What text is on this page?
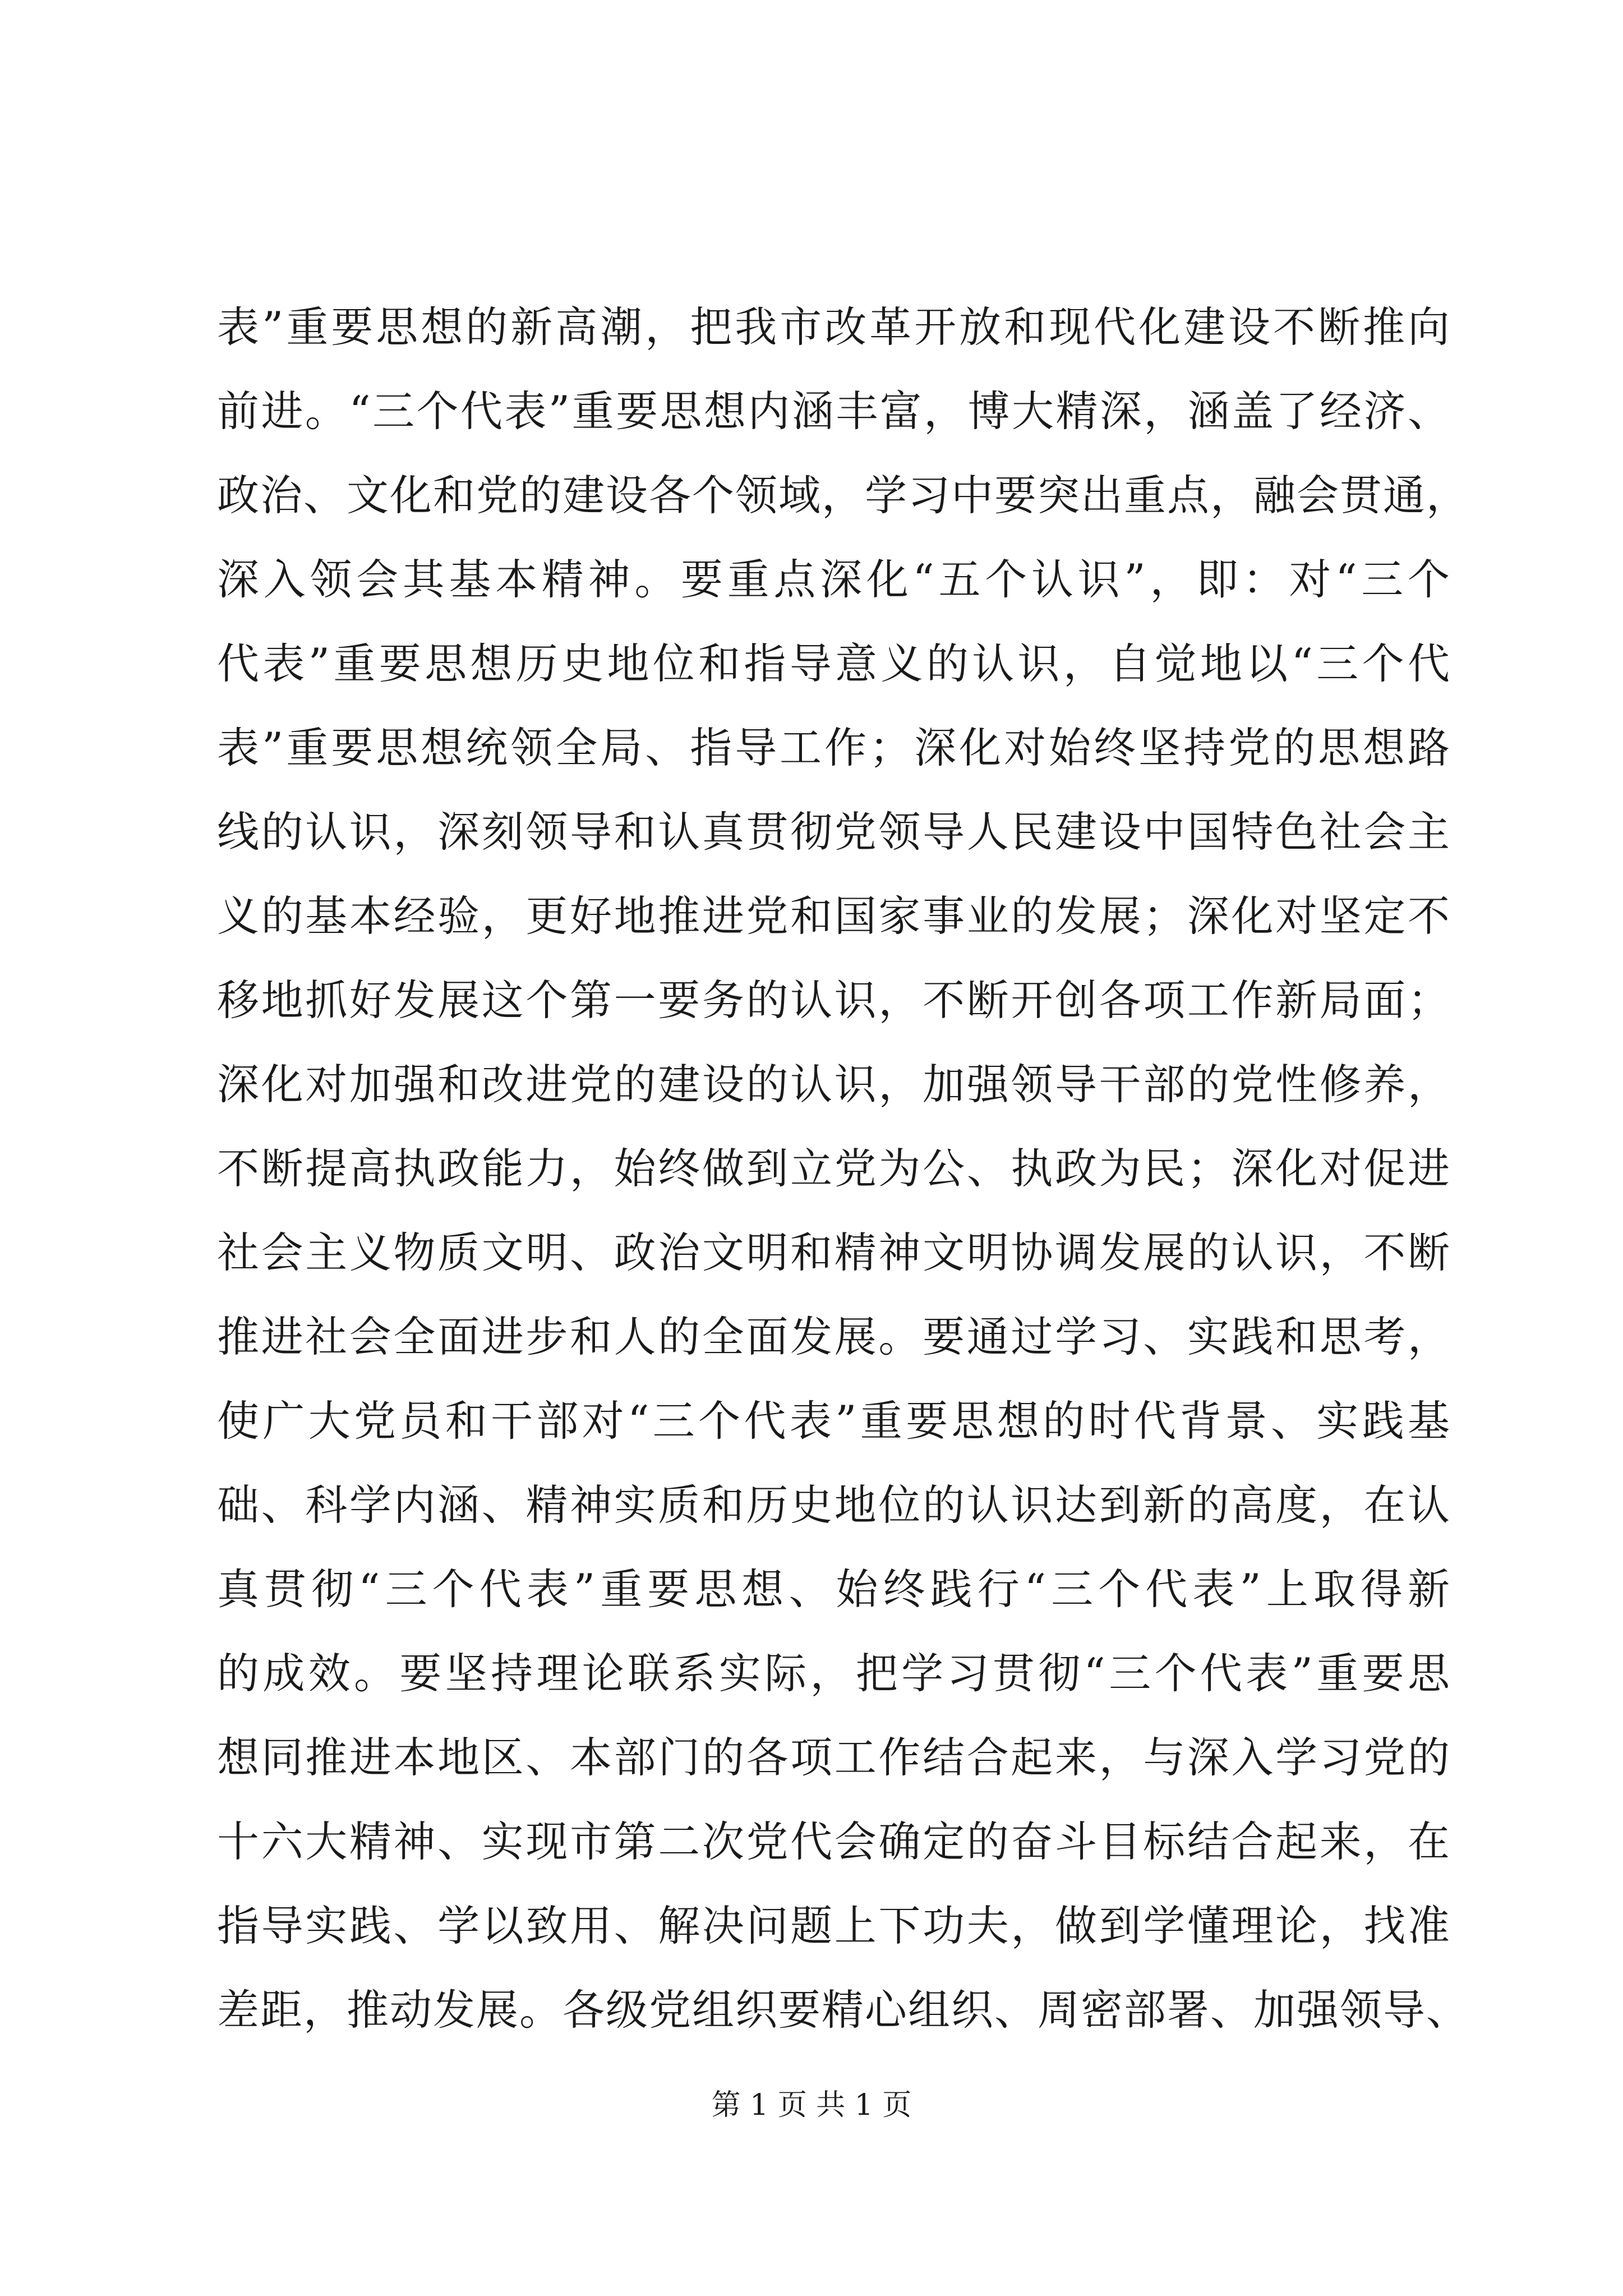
表”重要思想的新高潮，把我市改革开放和现代化建设不断推向
前进。“三个代表”重要思想内涵丰富，博大精深，涵盖了经济、
政治、文化和党的建设各个领域，学习中要突出重点，融会贯通，
深入领会其基本精神。要重点深化“五个认识”，即：对“三个
代表”重要思想历史地位和指导意义的认识，自觉地以“三个代
表”重要思想统领全局、指导工作；深化对始终坚持党的思想路
线的认识，深刻领导和认真贯彻党领导人民建设中国特色社会主
义的基本经验，更好地推进党和国家事业的发展；深化对坚定不
移地抓好发展这个第一要务的认识，不断开创各项工作新局面；
深化对加强和改进党的建设的认识，加强领导干部的党性修养，
不断提高执政能力，始终做到立党为公、执政为民；深化对促进
社会主义物质文明、政治文明和精神文明协调发展的认识，不断
推进社会全面进步和人的全面发展。要通过学习、实践和思考，
使广大党员和干部对“三个代表”重要思想的时代背景、实践基
础、科学内涵、精神实质和历史地位的认识达到新的高度，在认
真贯彻“三个代表”重要思想、始终践行“三个代表”上取得新
的成效。要坚持理论联系实际，把学习贯彻“三个代表”重要思
想同推进本地区、本部门的各项工作结合起来，与深入学习党的
十六大精神、实现市第二次党代会确定的奋斗目标结合起来，在
指导实践、学以致用、解决问题上下功夫，做到学懂理论，找准
差距，推动发展。各级党组织要精心组织、周密部署、加强领导、
第 1 页 共 1 页
